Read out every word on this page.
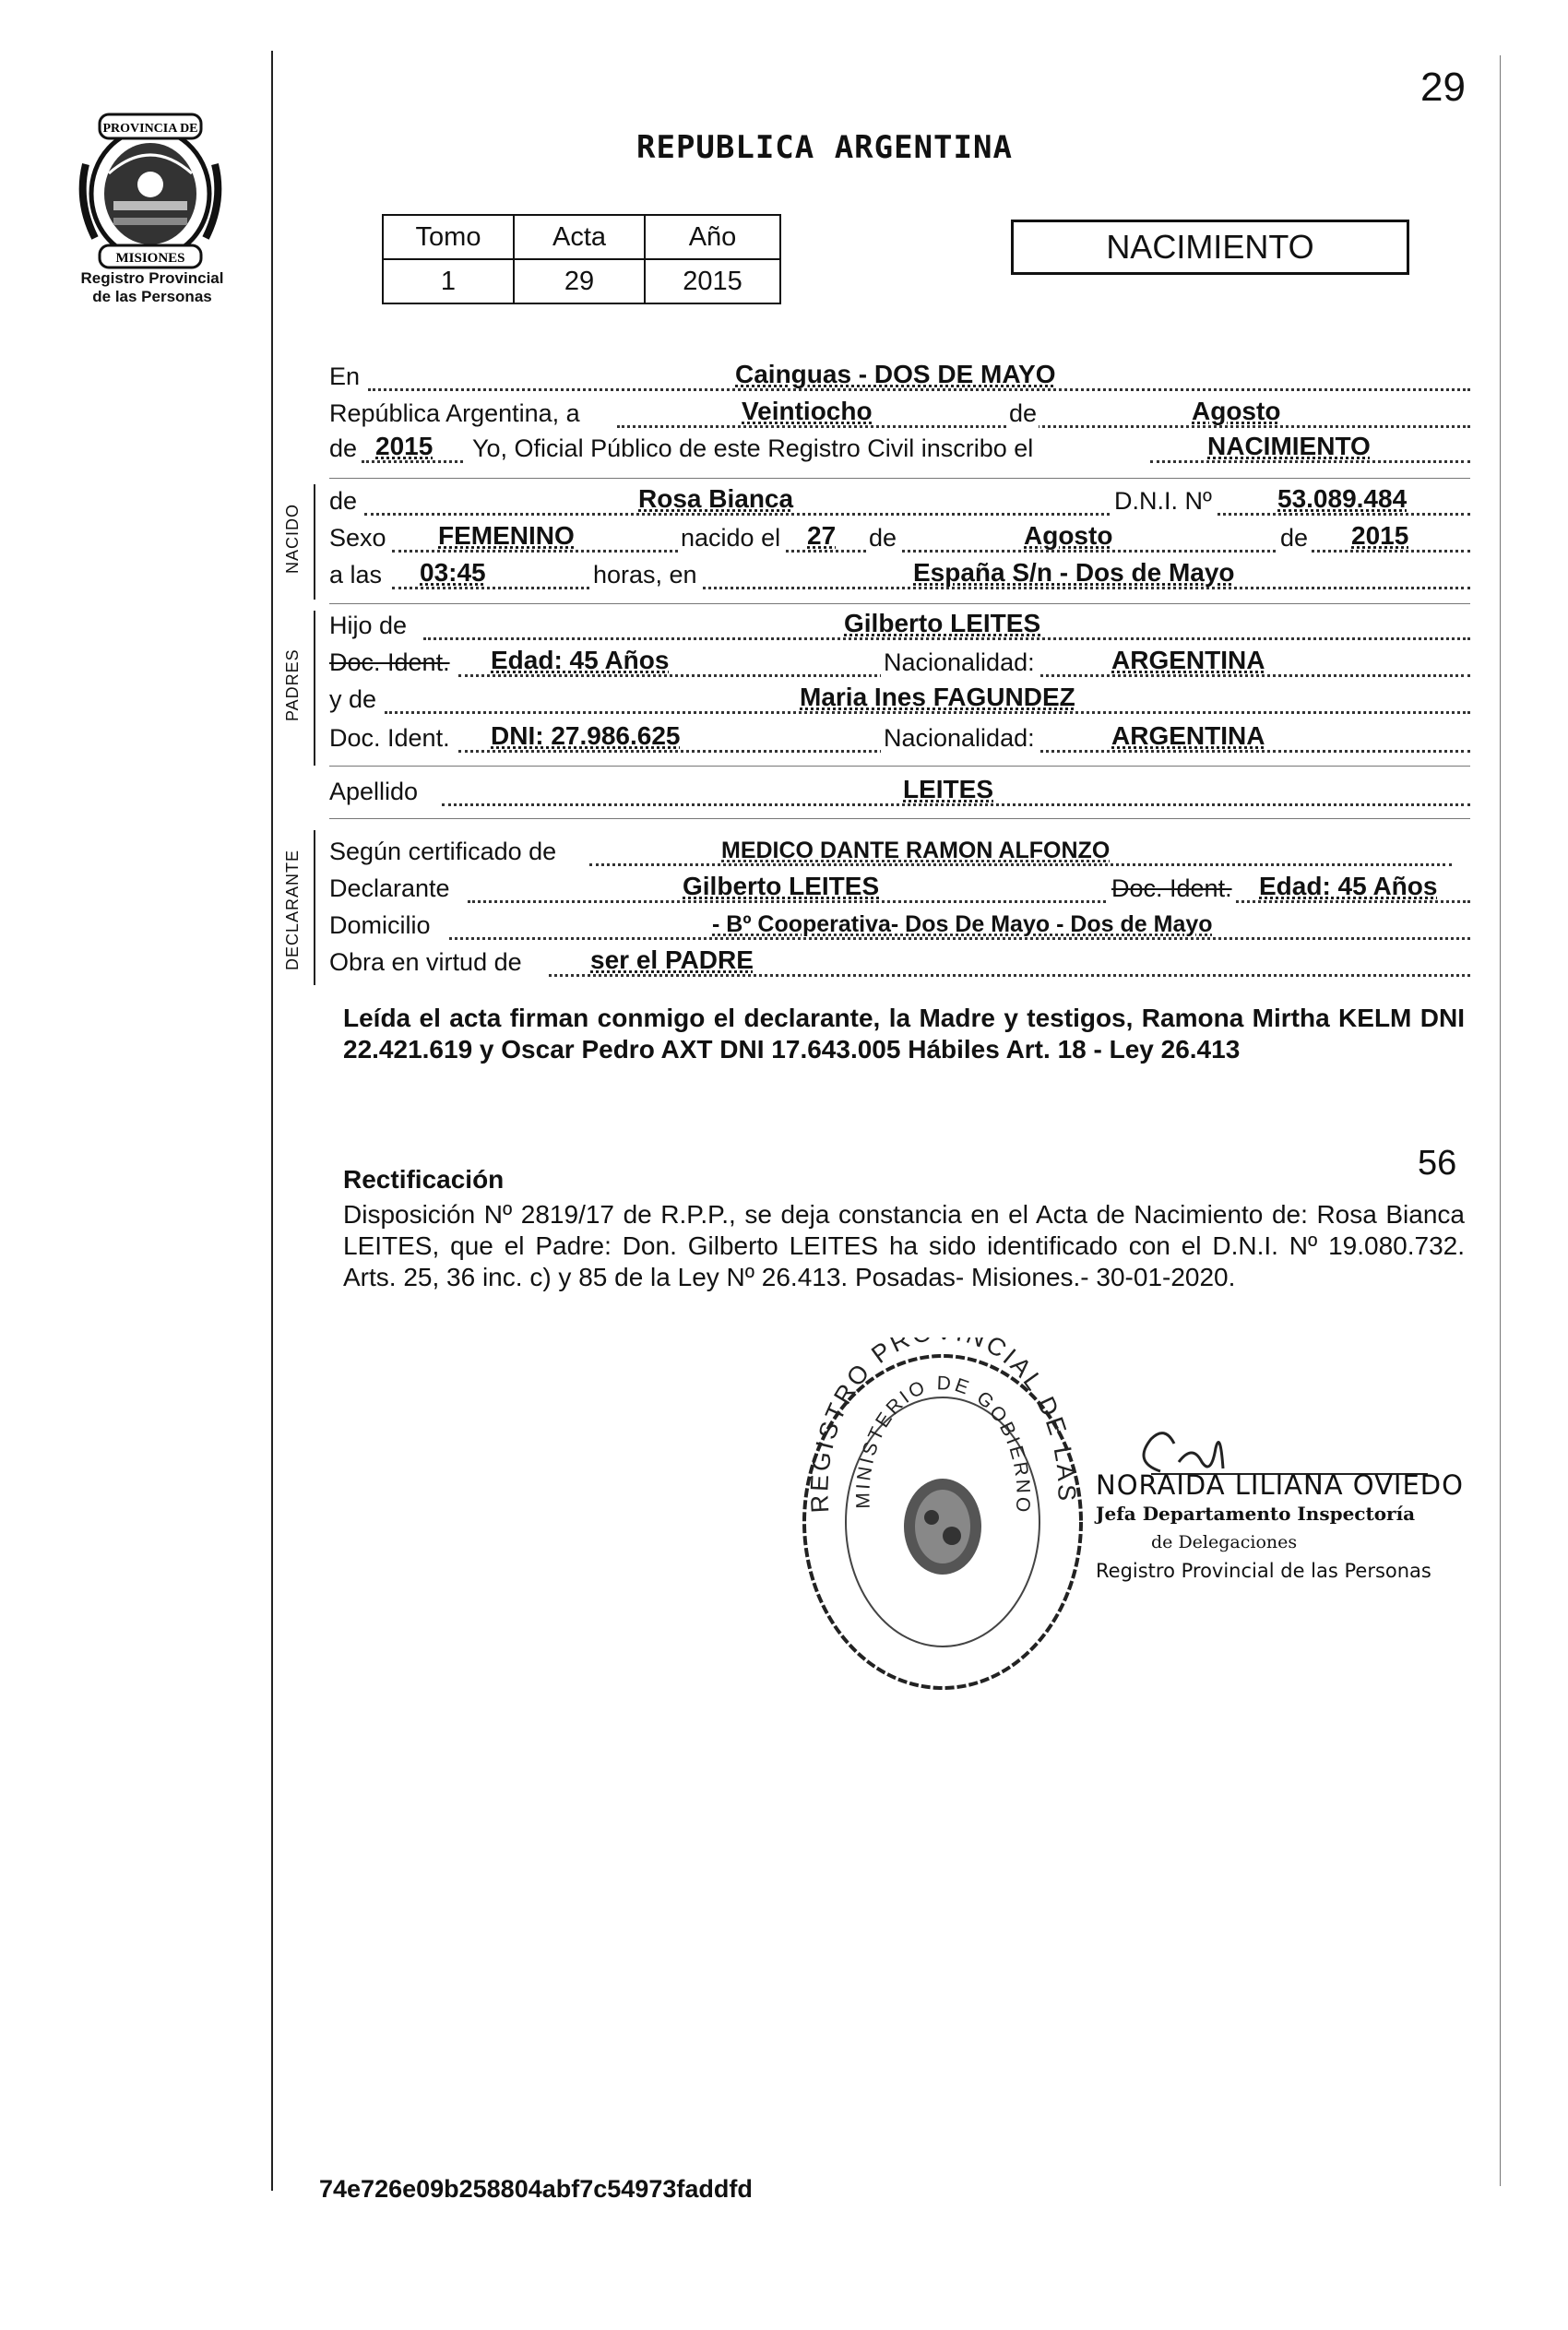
PROVINCIA DE
MISIONES
Registro Provincial
de las Personas
29
REPUBLICA ARGENTINA
Tomo	Acta	Año
1	29	2015
NACIMIENTO
En	Cainguas - DOS DE MAYO
República Argentina, a	Veintiocho	de	Agosto
de 2015 Yo, Oficial Público de este Registro Civil inscribo el	NACIMIENTO
NACIDO
de	Rosa Bianca	D.N.I. Nº	53.089.484
Sexo FEMENINO	nacido el 27 de	Agosto	de 2015
a las 03:45	horas, en	España S/n - Dos de Mayo
PADRES
Hijo de	Gilberto LEITES
Doc. Ident. Edad: 45 Años	Nacionalidad:	ARGENTINA
y de	Maria Ines FAGUNDEZ
Doc. Ident. DNI: 27.986.625	Nacionalidad:	ARGENTINA
Apellido	LEITES
DECLARANTE Según certificado de	MEDICO DANTE RAMON ALFONZO
Declarante	Gilberto LEITES	Doc. Ident. Edad: 45 Años
Domicilio	- Bº Cooperativa- Dos De Mayo - Dos de Mayo
Obra en virtud de	ser el PADRE
Leída el acta firman conmigo el declarante, la Madre y testigos, Ramona Mirtha KELM DNI 22.421.619 y Oscar Pedro AXT DNI 17.643.005 Hábiles Art. 18 - Ley 26.413
Rectificación	56
Disposición Nº 2819/17 de R.P.P., se deja constancia en el Acta de Nacimiento de: Rosa Bianca LEITES, que el Padre: Don. Gilberto LEITES ha sido identificado con el D.N.I. Nº 19.080.732. Arts. 25, 36 inc. c) y 85 de la Ley Nº 26.413. Posadas- Misiones.- 30-01-2020.
REGISTRO PR CIAL DE LAS
MINISTERIO DE GOBIERNO
NORAIDA LILIANA OVIEDO
Jefa Departamento Inspectoría
de Delegaciones
Registro Provincial de las Personas
74e726e09b258804abf7c54973faddfd
